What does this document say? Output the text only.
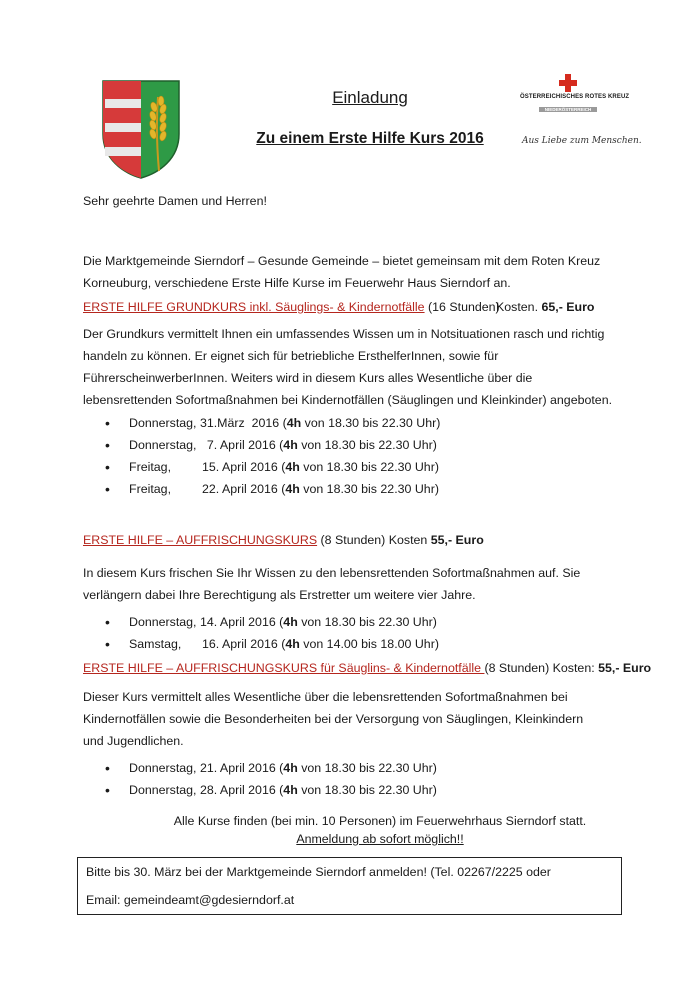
Einladung
Zu einem Erste Hilfe Kurs 2016
ÖSTERREICHISCHES ROTES KREUZ
NIEDERÖSTERREICH
Aus Liebe zum Menschen.
Sehr geehrte Damen und Herren!
Die Marktgemeinde Sierndorf – Gesunde Gemeinde – bietet gemeinsam mit dem Roten Kreuz Korneuburg, verschiedene Erste Hilfe Kurse im Feuerwehr Haus Sierndorf an.
ERSTE HILFE GRUNDKURS inkl. Säuglings- & Kindernotfälle (16 Stunden)
Kosten. 65,- Euro
Der Grundkurs vermittelt Ihnen ein umfassendes Wissen um in Notsituationen rasch und richtig handeln zu können. Er eignet sich für betriebliche ErsthelferInnen, sowie für FührerscheinwerberInnen. Weiters wird in diesem Kurs alles Wesentliche über die lebensrettenden Sofortmaßnahmen bei Kindernotfällen (Säuglingen und Kleinkinder) angeboten.
• Donnerstag, 31.März  2016 (4h von 18.30 bis 22.30 Uhr)
• Donnerstag,   7. April 2016 (4h von 18.30 bis 22.30 Uhr)
• Freitag,         15. April 2016 (4h von 18.30 bis 22.30 Uhr)
• Freitag,         22. April 2016 (4h von 18.30 bis 22.30 Uhr)
ERSTE HILFE – AUFFRISCHUNGSKURS (8 Stunden) Kosten 55,- Euro
In diesem Kurs frischen Sie Ihr Wissen zu den lebensrettenden Sofortmaßnahmen auf. Sie verlängern dabei Ihre Berechtigung als Erstretter um weitere vier Jahre.
• Donnerstag, 14. April 2016 (4h von 18.30 bis 22.30 Uhr)
• Samstag,      16. April 2016 (4h von 14.00 bis 18.00 Uhr)
ERSTE HILFE – AUFFRISCHUNGSKURS für Säuglins- & Kindernotfälle (8 Stunden) Kosten: 55,- Euro
Dieser Kurs vermittelt alles Wesentliche über die lebensrettenden Sofortmaßnahmen bei Kindernotfällen sowie die Besonderheiten bei der Versorgung von Säuglingen, Kleinkindern und Jugendlichen.
• Donnerstag, 21. April 2016 (4h von 18.30 bis 22.30 Uhr)
• Donnerstag, 28. April 2016 (4h von 18.30 bis 22.30 Uhr)
Alle Kurse finden (bei min. 10 Personen) im Feuerwehrhaus Sierndorf statt.
Anmeldung ab sofort möglich!!
Bitte bis 30. März bei der Marktgemeinde Sierndorf anmelden! (Tel. 02267/2225 oder
Email: gemeindeamt@gdesierndorf.at
